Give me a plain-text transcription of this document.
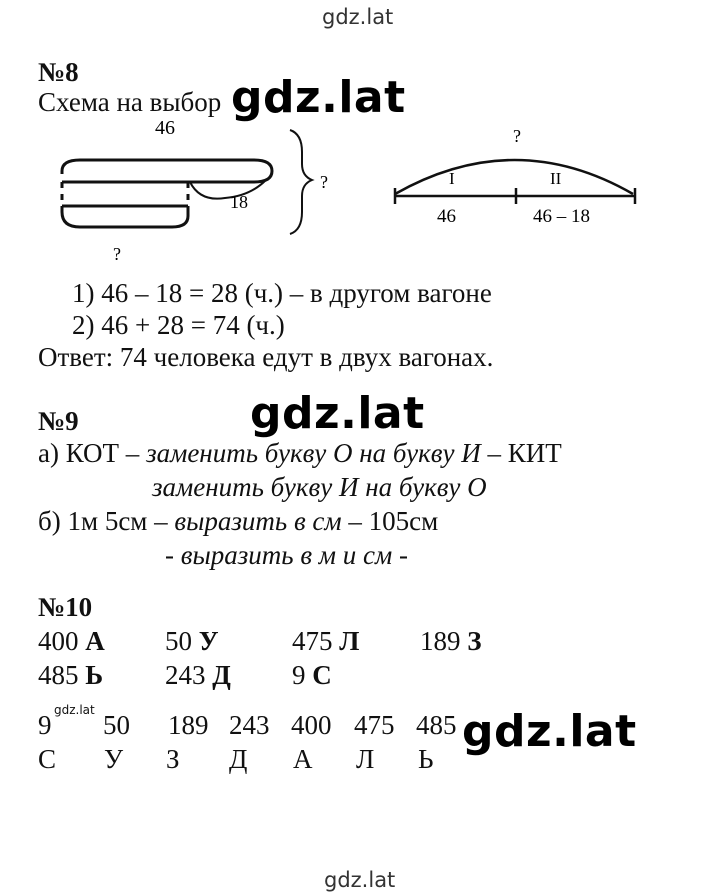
gdz.lat
№8
Схема на выбор gdz.lat
46
18
?
?
?
I	II
46	46 – 18
1) 46 – 18 = 28 (ч.) – в другом вагоне
2) 46 + 28 = 74 (ч.)
Ответ: 74 человека едут в двух вагонах.
№9	gdz.lat
а) КОТ – заменить букву О на букву И – КИТ
заменить букву И на букву О
б) 1м 5см – выразить в см – 105см
- выразить в м и см -
№10
400 А 50 У	475 Л 189 З
485 Ь 243 Д 9 С
9 gdz.lat 50 189 243 400 475 485
С У З Д А Л Ь
gdz.lat
gdz.lat
